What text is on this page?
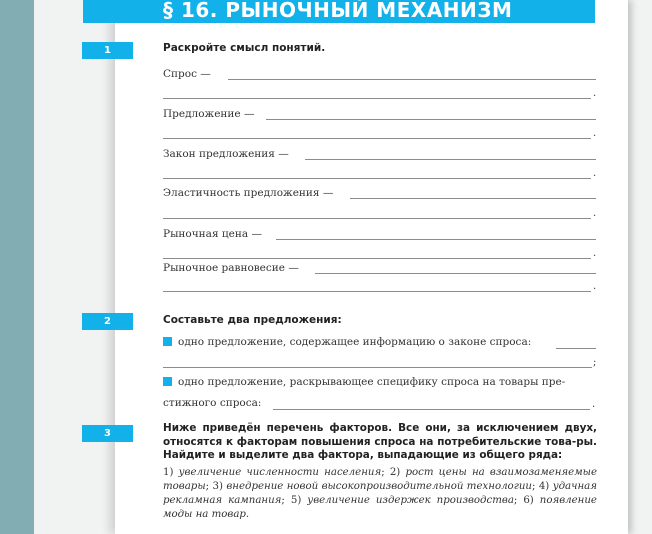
§ 16. РЫНОЧНЫЙ МЕХАНИЗМ
1	Раскройте смысл понятий.
Спрос —
.
Предложение —
.
Закон предложения —
.
Эластичность предложения —
.
Рыночная цена —
.
Рыночное равновесие —
.
2	Составьте два предложения:
одно предложение, содержащее информацию о законе спроса:
;
одно предложение, раскрывающее специфику спроса на товары пре-
стижного спроса:	.
3	Ниже приведён перечень факторов. Все они, за исключением двух, относятся к факторам повышения спроса на потребительские това-ры. Найдите и выделите два фактора, выпадающие из общего ряда:
1) увеличение численности населения; 2) рост цены на взаимозаменяемые товары; 3) внедрение новой высокопроизводительной технологии; 4) удачная рекламная кампания; 5) увеличение издержек производства; 6) появление моды на товар.
